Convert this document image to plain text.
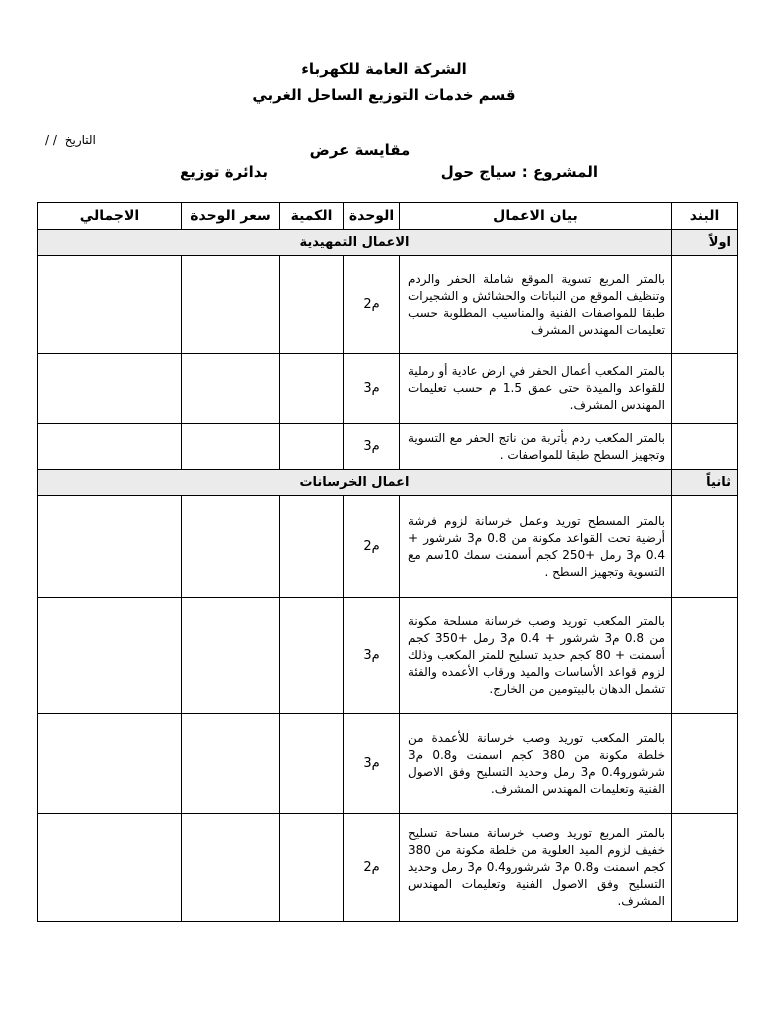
الشركة العامة للكهرباء
قسم خدمات التوزيع الساحل الغربي
التاريخ / /
مقايسة عرض
المشروع : سياج حول
بدائرة توزيع
البند	بيان الاعمال	الوحدة	الكمية	سعر الوحدة	الاجمالي
اولاً	الاعمال التمهيدية				
	بالمتر المربع تسوية الموقع شاملة الحفر والردم وتنظيف الموقع من النباتات والحشائش و الشجيرات طبقا للمواصفات الفنية والمناسيب المطلوبة حسب تعليمات المهندس المشرف	م2			
	بالمتر المكعب أعمال الحفر في ارض عادية أو رملية للقواعد والميدة حتى عمق 1.5 م حسب تعليمات المهندس المشرف.	م3			
	بالمتر المكعب ردم بأتربة من ناتج الحفر مع التسوية وتجهيز السطح طبقا للمواصفات .	م3			
ثانياً	اعمال الخرسانات				
	بالمتر المسطح توريد وعمل خرسانة لزوم فرشة أرضية تحت القواعد مكونة من 0.8 م3 شرشور + 0.4 م3 رمل +250 كجم أسمنت سمك 10سم مع التسوية وتجهيز السطح .	م2			
	بالمتر المكعب توريد وصب خرسانة مسلحة مكونة من 0.8 م3 شرشور + 0.4 م3 رمل +350 كجم أسمنت + 80 كجم حديد تسليح للمتر المكعب وذلك لزوم قواعد الأساسات والميد ورقاب الأعمده والفئة تشمل الدهان بالبيتومين من الخارج.	م3			
	بالمتر المكعب توريد وصب خرسانة للأعمدة من خلطة مكونة من 380 كجم اسمنت و0.8 م3 شرشورو0.4 م3 رمل وحديد التسليح وفق الاصول الفنية وتعليمات المهندس المشرف.	م3			
	بالمتر المربع توريد وصب خرسانة مساحة تسليح خفيف لزوم الميد العلوية من خلطة مكونة من 380 كجم اسمنت و0.8 م3 شرشورو0.4 م3 رمل وحديد التسليح وفق الاصول الفنية وتعليمات المهندس المشرف.	م2			
